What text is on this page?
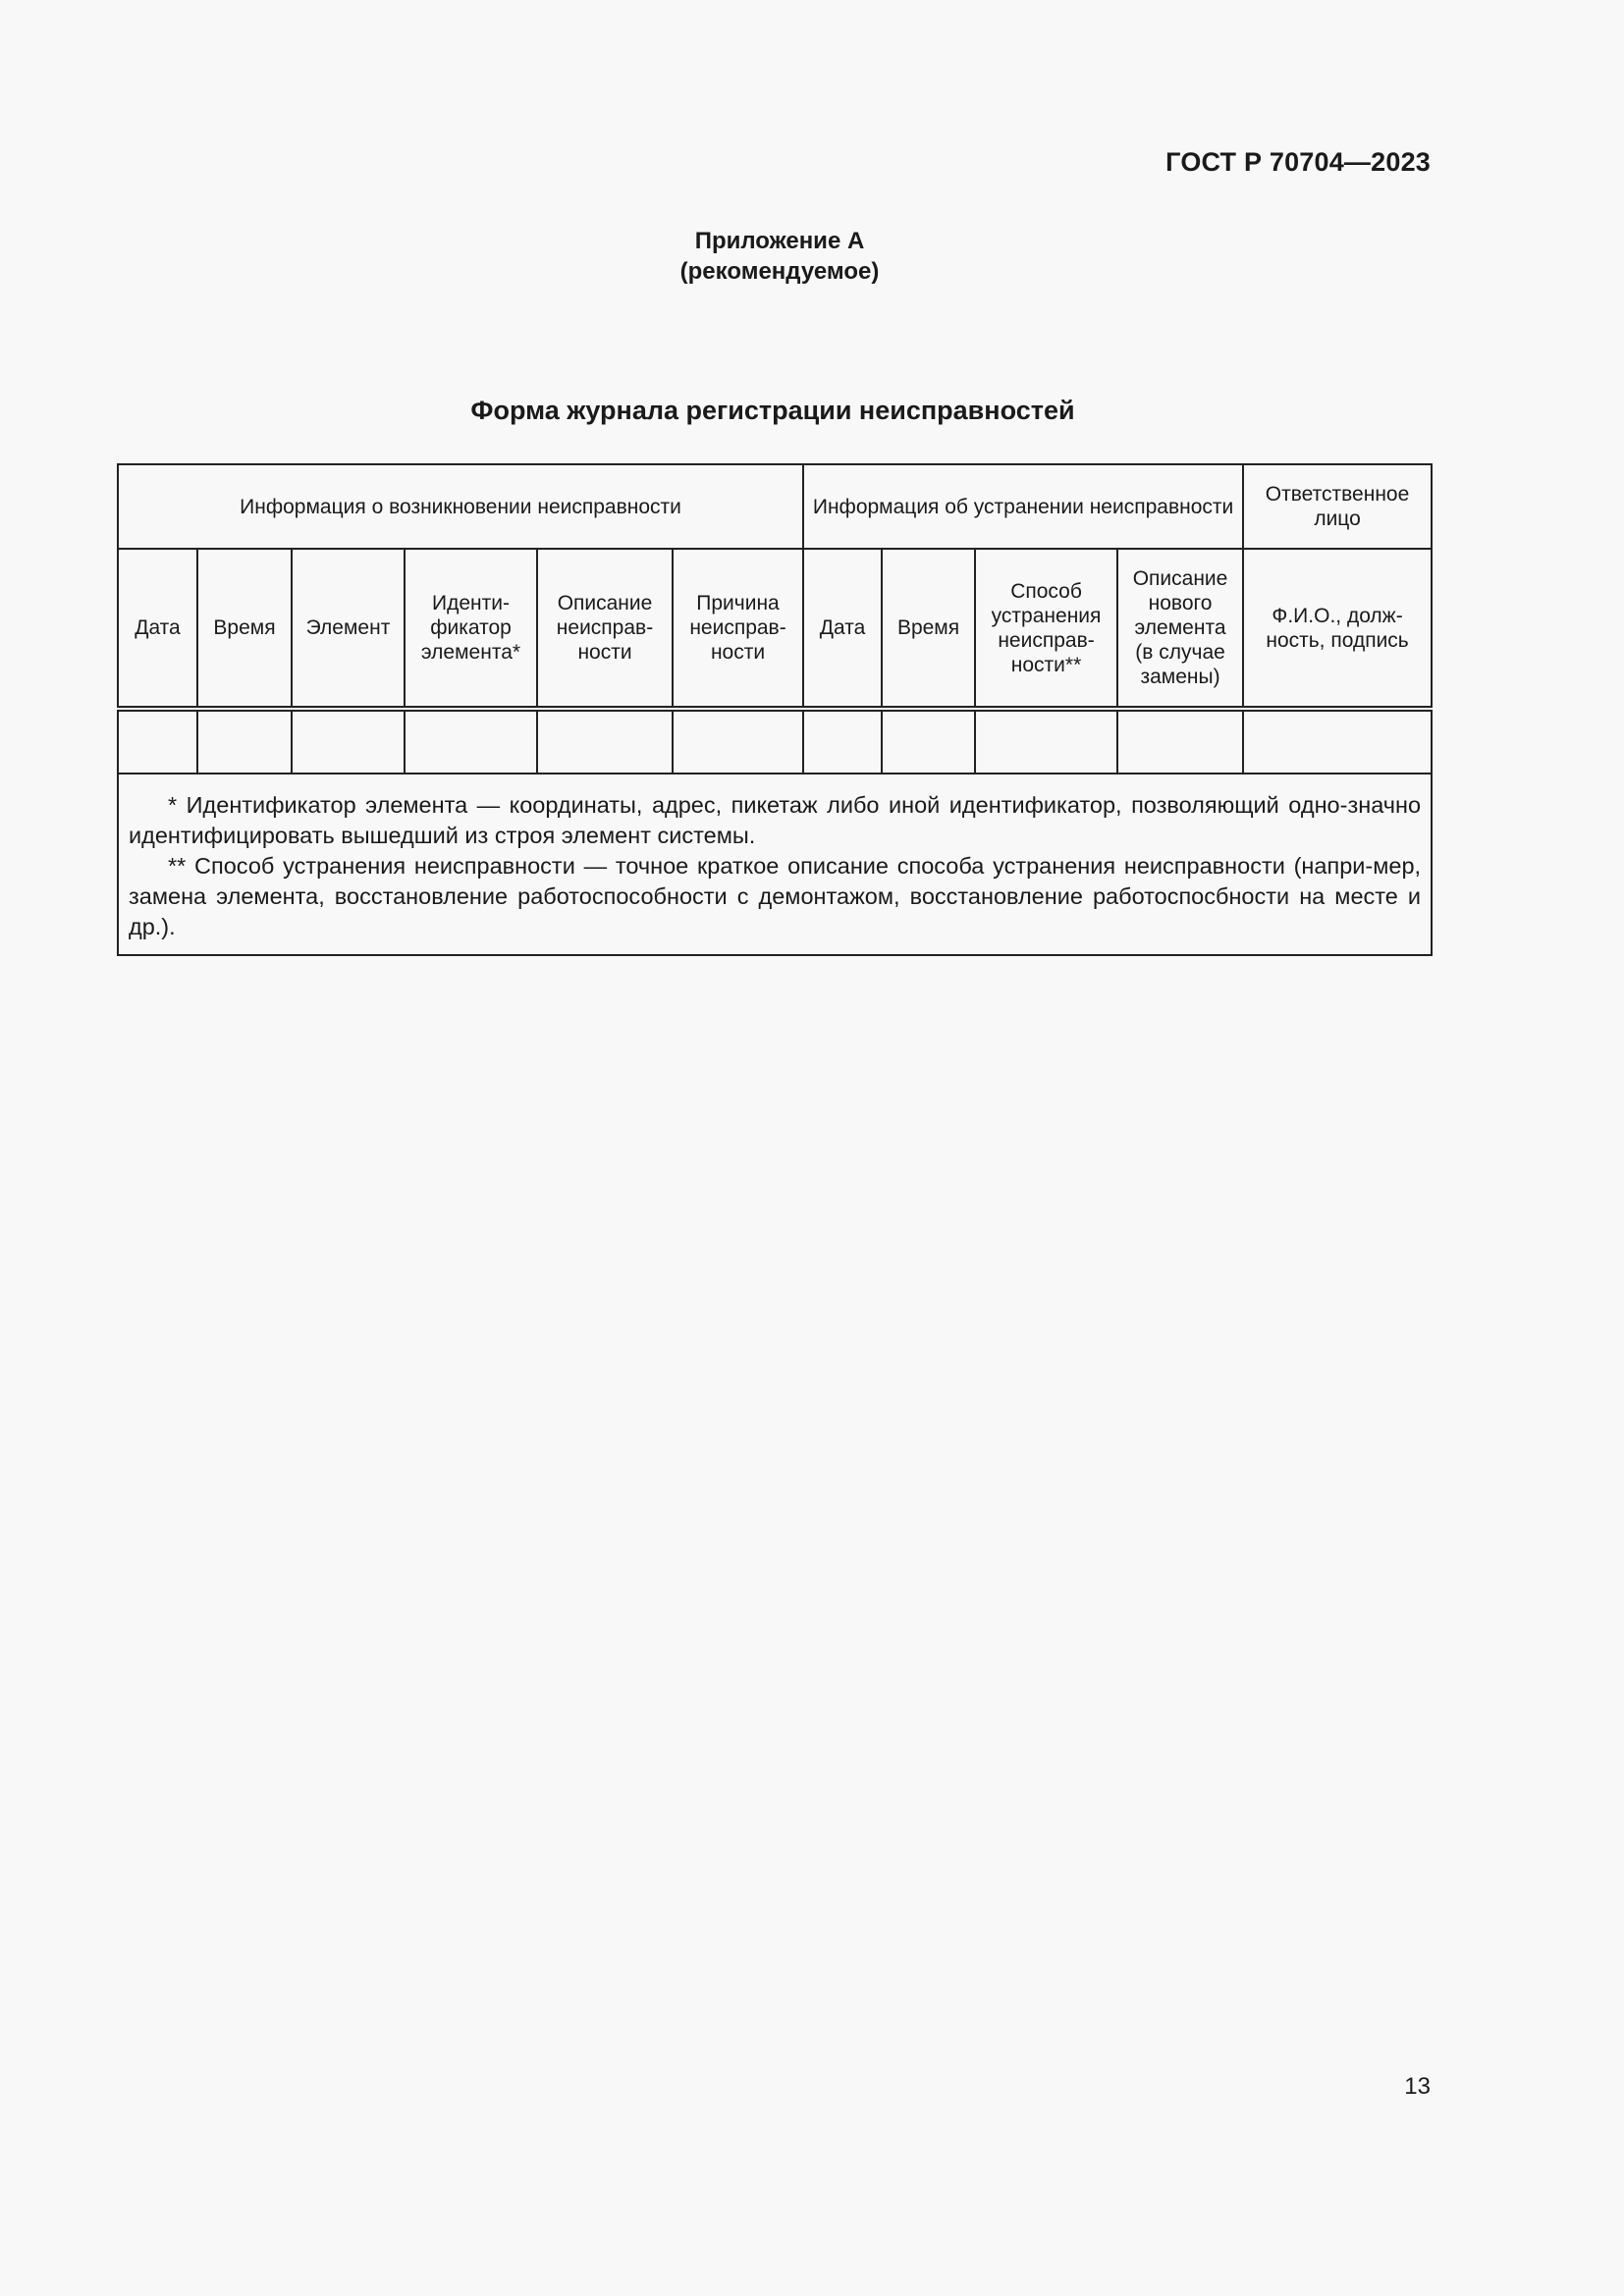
ГОСТ Р 70704—2023
Приложение А
(рекомендуемое)
Форма журнала регистрации неисправностей
Информация о возникновении неисправности						Информация об устранении неисправности				Ответственное лицо
Дата	Время	Элемент	Иденти-
фикатор
элемента*	Описание
неисправ-
ности	Причина
неисправ-
ности	Дата	Время	Способ
устранения
неисправ-
ности**	Описание
нового
элемента
(в случае
замены)	Ф.И.О., долж-
ность, подпись

* Идентификатор элемента — координаты, адрес, пикетаж либо иной идентификатор, позволяющий одно-значно идентифицировать вышедший из строя элемент системы.

** Способ устранения неисправности — точное краткое описание способа устранения неисправности (напри-мер, замена элемента, восстановление работоспособности с демонтажом, восстановление работоспосбности на месте и др.).										

13
